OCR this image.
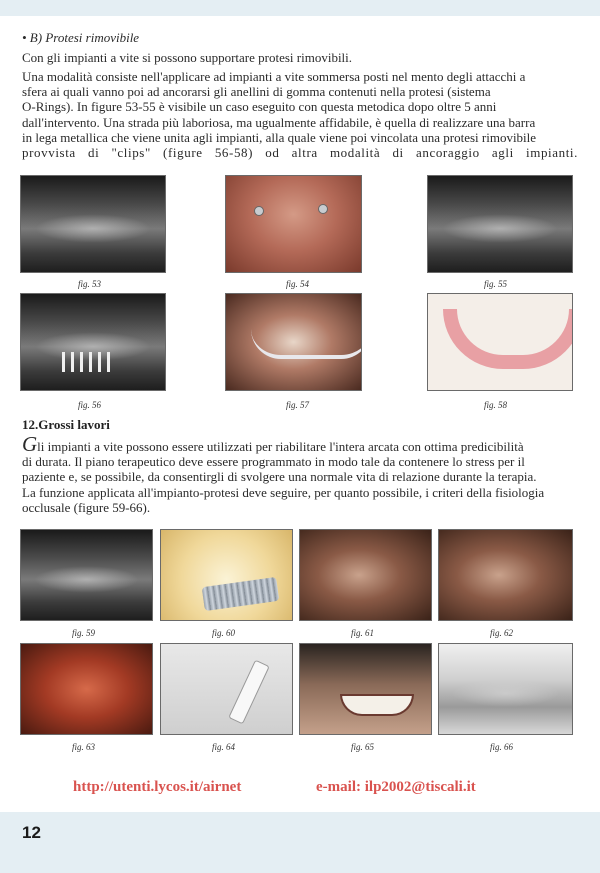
• B) Protesi rimovibile
Con gli impianti a vite si possono supportare protesi rimovibili.
Una modalità consiste nell'applicare ad impianti a vite sommersa posti nel mento degli attacchi a
sfera ai quali vanno poi ad ancorarsi gli anellini di gomma contenuti nella protesi (sistema
O-Rings). In figure 53-55 è visibile un caso eseguito con questa metodica dopo oltre 5 anni
dall'intervento. Una strada più laboriosa, ma ugualmente affidabile, è quella di realizzare una barra
in lega metallica che viene unita agli impianti, alla quale viene poi vincolata una protesi rimovibile
provvista di "clips" (figure 56-58) od altra modalità di ancoraggio agli impianti.
fig. 53	fig. 54	fig. 55
fig. 56	fig. 57	fig. 58
12.Grossi lavori
Gli impianti a vite possono essere utilizzati per riabilitare l'intera arcata con ottima predicibilità
di durata. Il piano terapeutico deve essere programmato in modo tale da contenere lo stress per il
paziente e, se possibile, da consentirgli di svolgere una normale vita di relazione durante la terapia.
La funzione applicata all'impianto-protesi deve seguire, per quanto possibile, i criteri della fisiologia
occlusale (figure 59-66).
fig. 59	fig. 60	fig. 61	fig. 62
fig. 63	fig. 64	fig. 65	fig. 66
http://utenti.lycos.it/airnet	e-mail: ilp2002@tiscali.it
12
